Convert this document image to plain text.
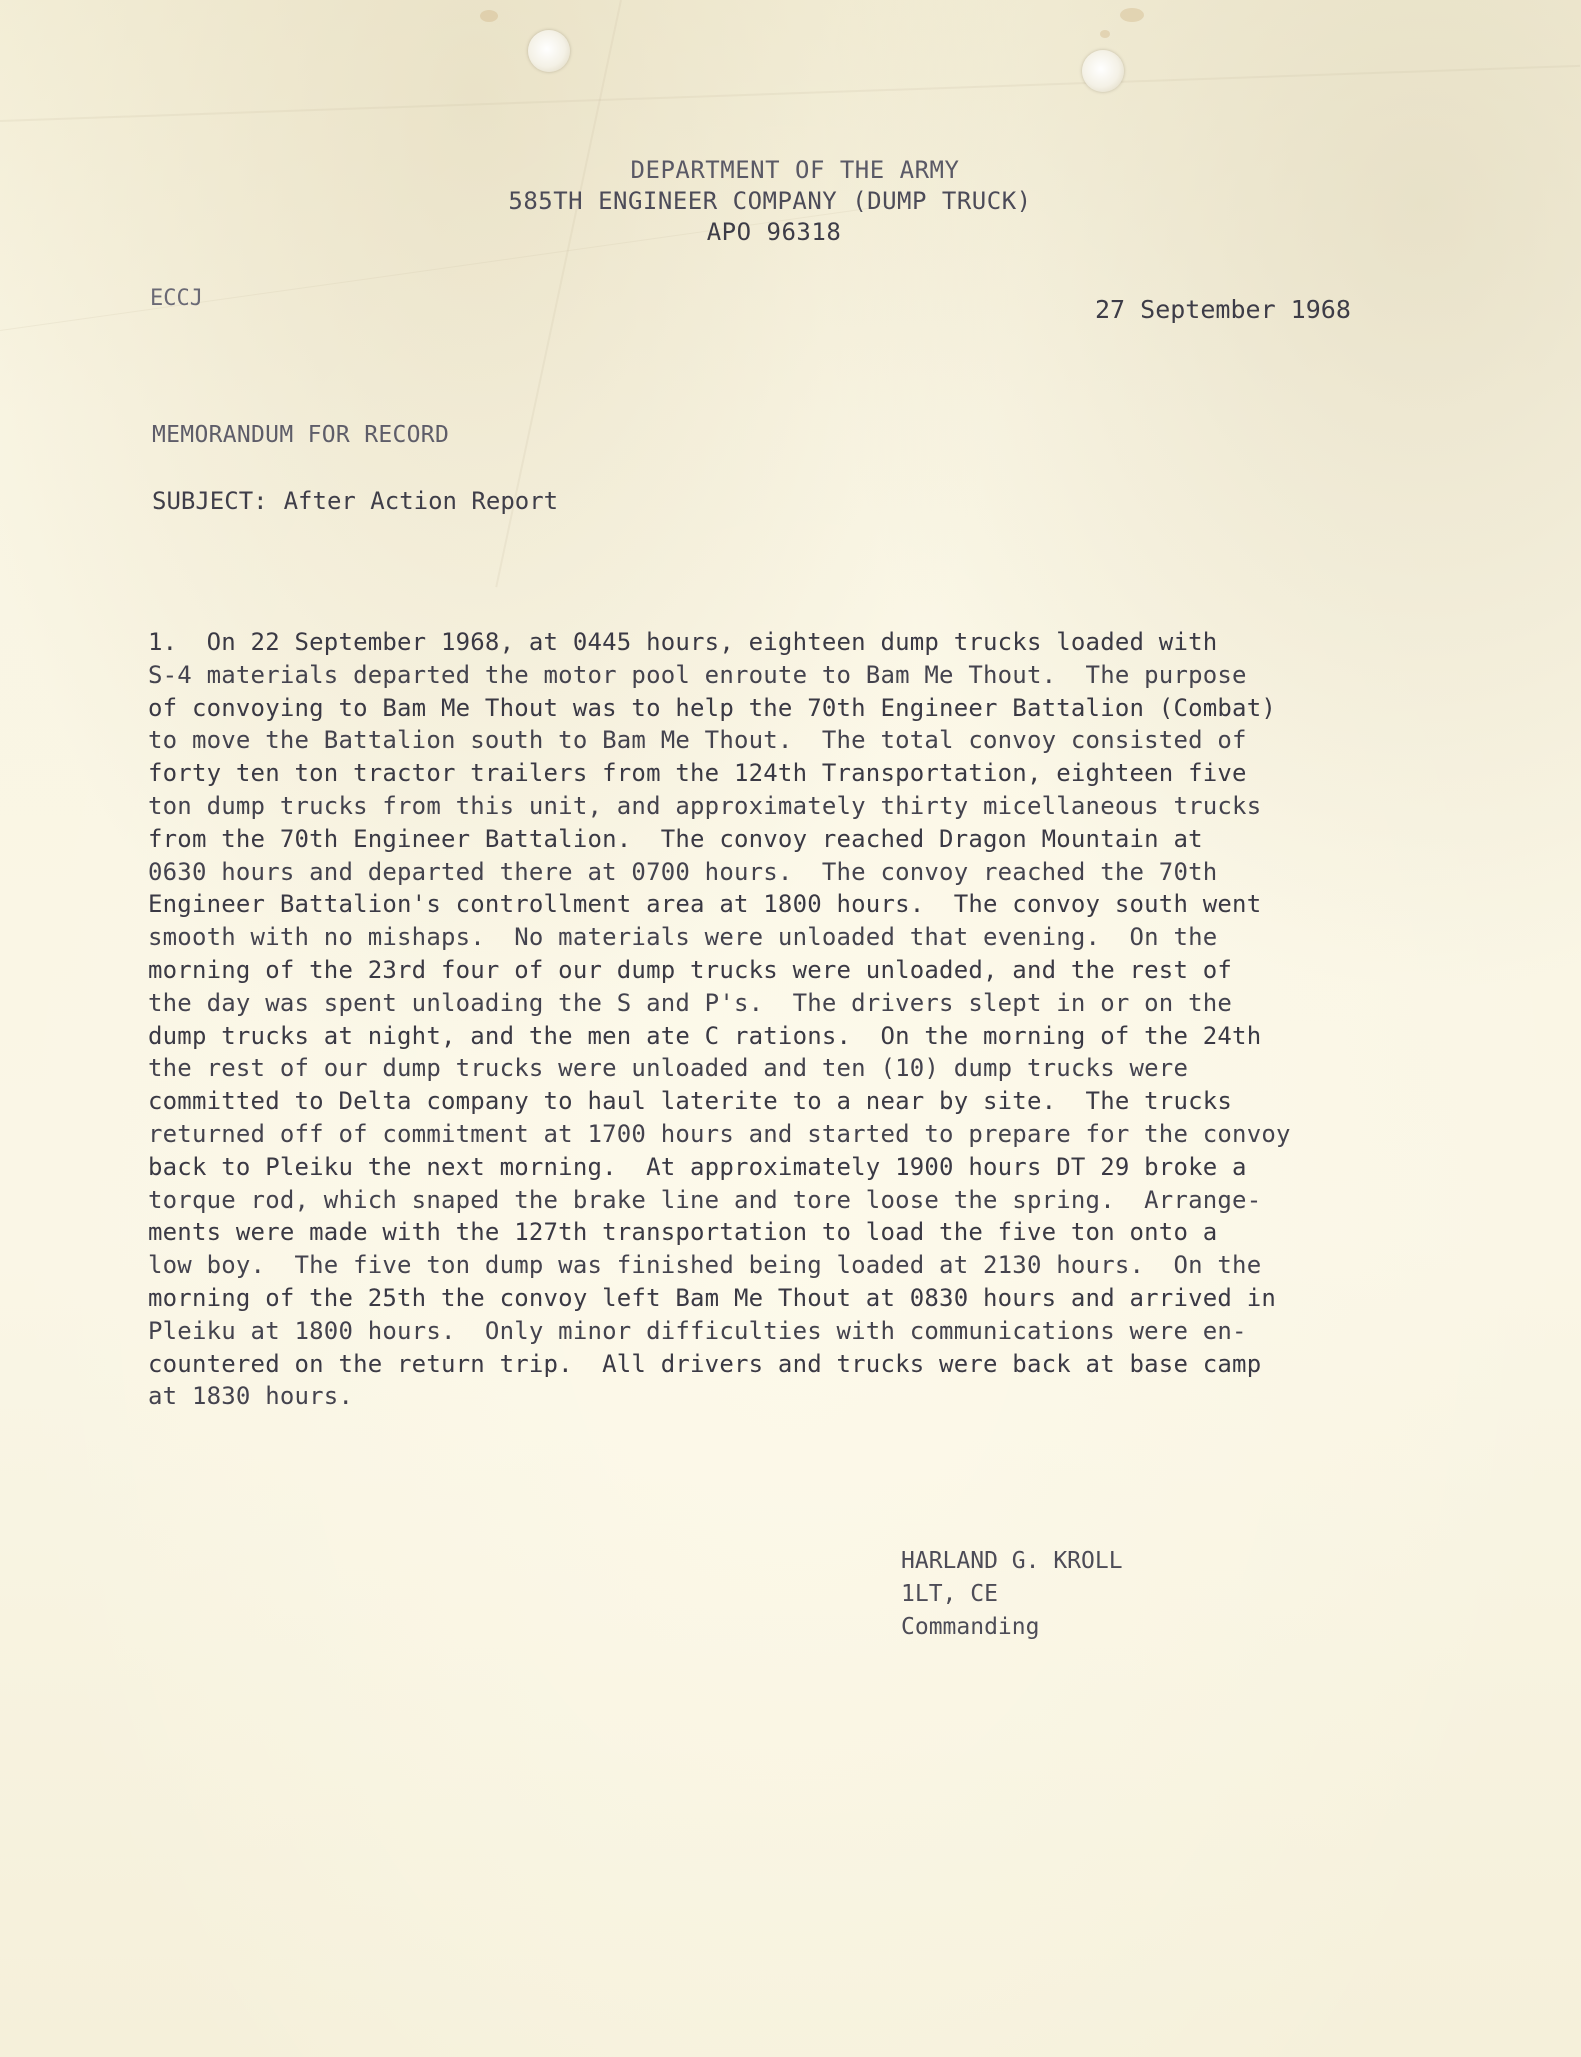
DEPARTMENT OF THE ARMY
585TH ENGINEER COMPANY (DUMP TRUCK)
APO 96318
ECCJ	27 September 1968
MEMORANDUM FOR RECORD
SUBJECT: After Action Report
1.  On 22 September 1968, at 0445 hours, eighteen dump trucks loaded with
S-4 materials departed the motor pool enroute to Bam Me Thout.  The purpose
of convoying to Bam Me Thout was to help the 70th Engineer Battalion (Combat)
to move the Battalion south to Bam Me Thout.  The total convoy consisted of
forty ten ton tractor trailers from the 124th Transportation, eighteen five
ton dump trucks from this unit, and approximately thirty micellaneous trucks
from the 70th Engineer Battalion.  The convoy reached Dragon Mountain at
0630 hours and departed there at 0700 hours.  The convoy reached the 70th
Engineer Battalion's controllment area at 1800 hours.  The convoy south went
smooth with no mishaps.  No materials were unloaded that evening.  On the
morning of the 23rd four of our dump trucks were unloaded, and the rest of
the day was spent unloading the S and P's.  The drivers slept in or on the
dump trucks at night, and the men ate C rations.  On the morning of the 24th
the rest of our dump trucks were unloaded and ten (10) dump trucks were
committed to Delta company to haul laterite to a near by site.  The trucks
returned off of commitment at 1700 hours and started to prepare for the convoy
back to Pleiku the next morning.  At approximately 1900 hours DT 29 broke a
torque rod, which snaped the brake line and tore loose the spring.  Arrange-
ments were made with the 127th transportation to load the five ton onto a
low boy.  The five ton dump was finished being loaded at 2130 hours.  On the
morning of the 25th the convoy left Bam Me Thout at 0830 hours and arrived in
Pleiku at 1800 hours.  Only minor difficulties with communications were en-
countered on the return trip.  All drivers and trucks were back at base camp
at 1830 hours.
HARLAND G. KROLL
1LT, CE
Commanding
